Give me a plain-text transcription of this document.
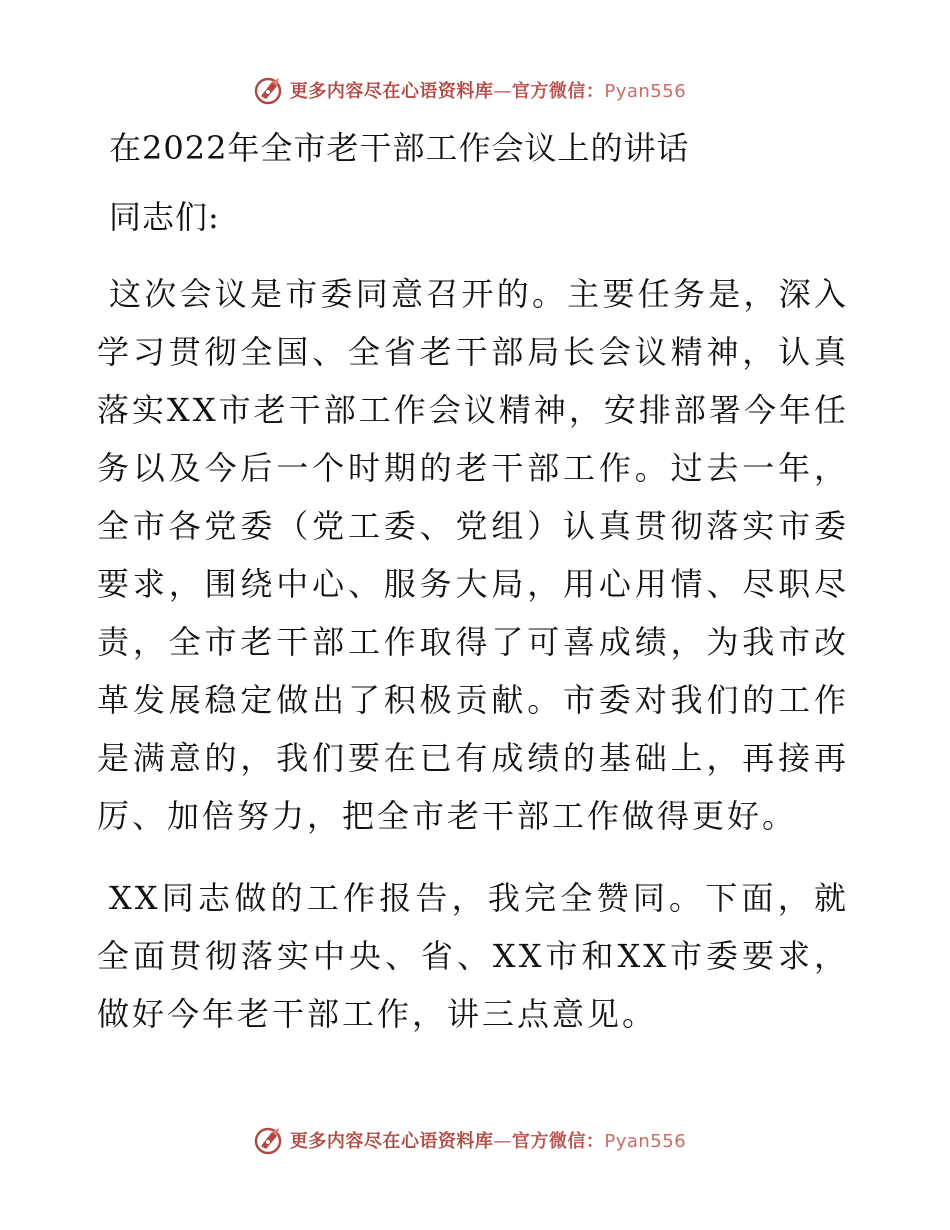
更多内容尽在心语资料库—官方微信：Pyan556
在2022年全市老干部工作会议上的讲话

同志们:

这次会议是市委同意召开的。主要任务是，深入学习贯彻全国、全省老干部局长会议精神，认真落实XX市老干部工作会议精神，安排部署今年任务以及今后一个时期的老干部工作。过去一年，全市各党委（党工委、党组）认真贯彻落实市委要求，围绕中心、服务大局，用心用情、尽职尽责，全市老干部工作取得了可喜成绩，为我市改革发展稳定做出了积极贡献。市委对我们的工作是满意的，我们要在已有成绩的基础上，再接再厉、加倍努力，把全市老干部工作做得更好。

XX同志做的工作报告，我完全赞同。下面，就全面贯彻落实中央、省、XX市和XX市委要求，做好今年老干部工作，讲三点意见。

更多内容尽在心语资料库—官方微信：Pyan556
